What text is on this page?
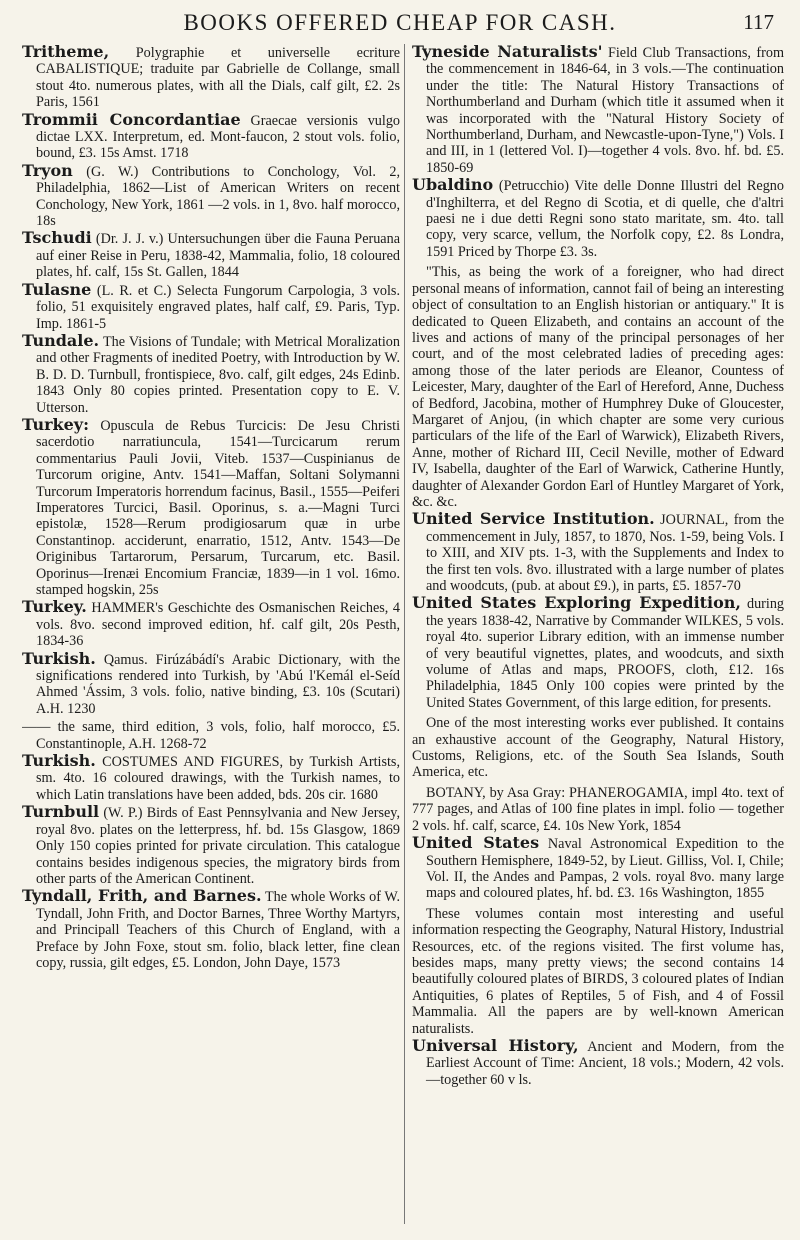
BOOKS OFFERED CHEAP FOR CASH.	117

Tritheme, Polygraphie et universelle ecriture CABALISTIQUE; traduite par Gabrielle de Collange, small stout 4to. numerous plates, with all the Dials, calf gilt, £2. 2s Paris, 1561

Trommii Concordantiae Graecae versionis vulgo dictae LXX. Interpretum, ed. Mont-faucon, 2 stout vols. folio, bound, £3. 15s Amst. 1718

Tryon (G. W.) Contributions to Conchology, Vol. 2, Philadelphia, 1862—List of American Writers on recent Conchology, New York, 1861 —2 vols. in 1, 8vo. half morocco, 18s

Tschudi (Dr. J. J. v.) Untersuchungen über die Fauna Peruana auf einer Reise in Peru, 1838-42, Mammalia, folio, 18 coloured plates, hf. calf, 15s St. Gallen, 1844

Tulasne (L. R. et C.) Selecta Fungorum Carpologia, 3 vols. folio, 51 exquisitely engraved plates, half calf, £9. Paris, Typ. Imp. 1861-5

Tundale. The Visions of Tundale; with Metrical Moralization and other Fragments of inedited Poetry, with Introduction by W. B. D. D. Turnbull, frontispiece, 8vo. calf, gilt edges, 24s Edinb. 1843 Only 80 copies printed. Presentation copy to E. V. Utterson.

Turkey: Opuscula de Rebus Turcicis: De Jesu Christi sacerdotio narratiuncula, 1541—Turcicarum rerum commentarius Pauli Jovii, Viteb. 1537—Cuspinianus de Turcorum origine, Antv. 1541—Maffan, Soltani Solymanni Turcorum Imperatoris horrendum facinus, Basil., 1555—Peiferi Imperatores Turcici, Basil. Oporinus, s. a.—Magni Turci epistolæ, 1528—Rerum prodigiosarum quæ in urbe Constantinop. acciderunt, enarratio, 1512, Antv. 1543—De Originibus Tartarorum, Persarum, Turcarum, etc. Basil. Oporinus—Irenæi Encomium Franciæ, 1839—in 1 vol. 16mo. stamped hogskin, 25s

Turkey. HAMMER's Geschichte des Osmanischen Reiches, 4 vols. 8vo. second improved edition, hf. calf gilt, 20s Pesth, 1834-36

Turkish. Qamus. Firúzábádí's Arabic Dictionary, with the significations rendered into Turkish, by 'Abú l'Kemál el-Seíd Ahmed 'Ássim, 3 vols. folio, native binding, £3. 10s (Scutari) A.H. 1230

—— the same, third edition, 3 vols, folio, half morocco, £5. Constantinople, A.H. 1268-72

Turkish. COSTUMES AND FIGURES, by Turkish Artists, sm. 4to. 16 coloured drawings, with the Turkish names, to which Latin translations have been added, bds. 20s cir. 1680

Turnbull (W. P.) Birds of East Pennsylvania and New Jersey, royal 8vo. plates on the letterpress, hf. bd. 15s Glasgow, 1869 Only 150 copies printed for private circulation. This catalogue contains besides indigenous species, the migratory birds from other parts of the American Continent.

Tyndall, Frith, and Barnes. The whole Works of W. Tyndall, John Frith, and Doctor Barnes, Three Worthy Martyrs, and Principall Teachers of this Church of England, with a Preface by John Foxe, stout sm. folio, black letter, fine clean copy, russia, gilt edges, £5. London, John Daye, 1573

Tyneside Naturalists' Field Club Transactions, from the commencement in 1846-64, in 3 vols.—The continuation under the title: The Natural History Transactions of Northumberland and Durham (which title it assumed when it was incorporated with the "Natural History Society of Northumberland, Durham, and Newcastle-upon-Tyne,") Vols. I and III, in 1 (lettered Vol. I)—together 4 vols. 8vo. hf. bd. £5. 1850-69

Ubaldino (Petrucchio) Vite delle Donne Illustri del Regno d'Inghilterra, et del Regno di Scotia, et di quelle, che d'altri paesi ne i due detti Regni sono stato maritate, sm. 4to. tall copy, very scarce, vellum, the Norfolk copy, £2. 8s Londra, 1591 Priced by Thorpe £3. 3s.

"This, as being the work of a foreigner, who had direct personal means of information, cannot fail of being an interesting object of consultation to an English historian or antiquary." It is dedicated to Queen Elizabeth, and contains an account of the lives and actions of many of the principal personages of her court, and of the most celebrated ladies of preceding ages: among those of the later periods are Eleanor, Countess of Leicester, Mary, daughter of the Earl of Hereford, Anne, Duchess of Bedford, Jacobina, mother of Humphrey Duke of Gloucester, Margaret of Anjou, (in which chapter are some very curious particulars of the life of the Earl of Warwick), Elizabeth Rivers, Anne, mother of Richard III, Cecil Neville, mother of Edward IV, Isabella, daughter of the Earl of Warwick, Catherine Huntly, daughter of Alexander Gordon Earl of Huntley Margaret of York, &c. &c.

United Service Institution. JOURNAL, from the commencement in July, 1857, to 1870, Nos. 1-59, being Vols. I to XIII, and XIV pts. 1-3, with the Supplements and Index to the first ten vols. 8vo. illustrated with a large number of plates and woodcuts, (pub. at about £9.), in parts, £5. 1857-70

United States Exploring Expedition, during the years 1838-42, Narrative by Commander WILKES, 5 vols. royal 4to. superior Library edition, with an immense number of very beautiful vignettes, plates, and woodcuts, and sixth volume of Atlas and maps, PROOFS, cloth, £12. 16s Philadelphia, 1845 Only 100 copies were printed by the United States Government, of this large edition, for presents.

One of the most interesting works ever published. It contains an exhaustive account of the Geography, Natural History, Customs, Religions, etc. of the South Sea Islands, South America, etc.

BOTANY, by Asa Gray: PHANEROGAMIA, impl 4to. text of 777 pages, and Atlas of 100 fine plates in impl. folio — together 2 vols. hf. calf, scarce, £4. 10s New York, 1854

United States Naval Astronomical Expedition to the Southern Hemisphere, 1849-52, by Lieut. Gilliss, Vol. I, Chile; Vol. II, the Andes and Pampas, 2 vols. royal 8vo. many large maps and coloured plates, hf. bd. £3. 16s Washington, 1855

These volumes contain most interesting and useful information respecting the Geography, Natural History, Industrial Resources, etc. of the regions visited. The first volume has, besides maps, many pretty views; the second contains 14 beautifully coloured plates of BIRDS, 3 coloured plates of Indian Antiquities, 6 plates of Reptiles, 5 of Fish, and 4 of Fossil Mammalia. All the papers are by well-known American naturalists.

Universal History, Ancient and Modern, from the Earliest Account of Time: Ancient, 18 vols.; Modern, 42 vols.—together 60 v ls.
